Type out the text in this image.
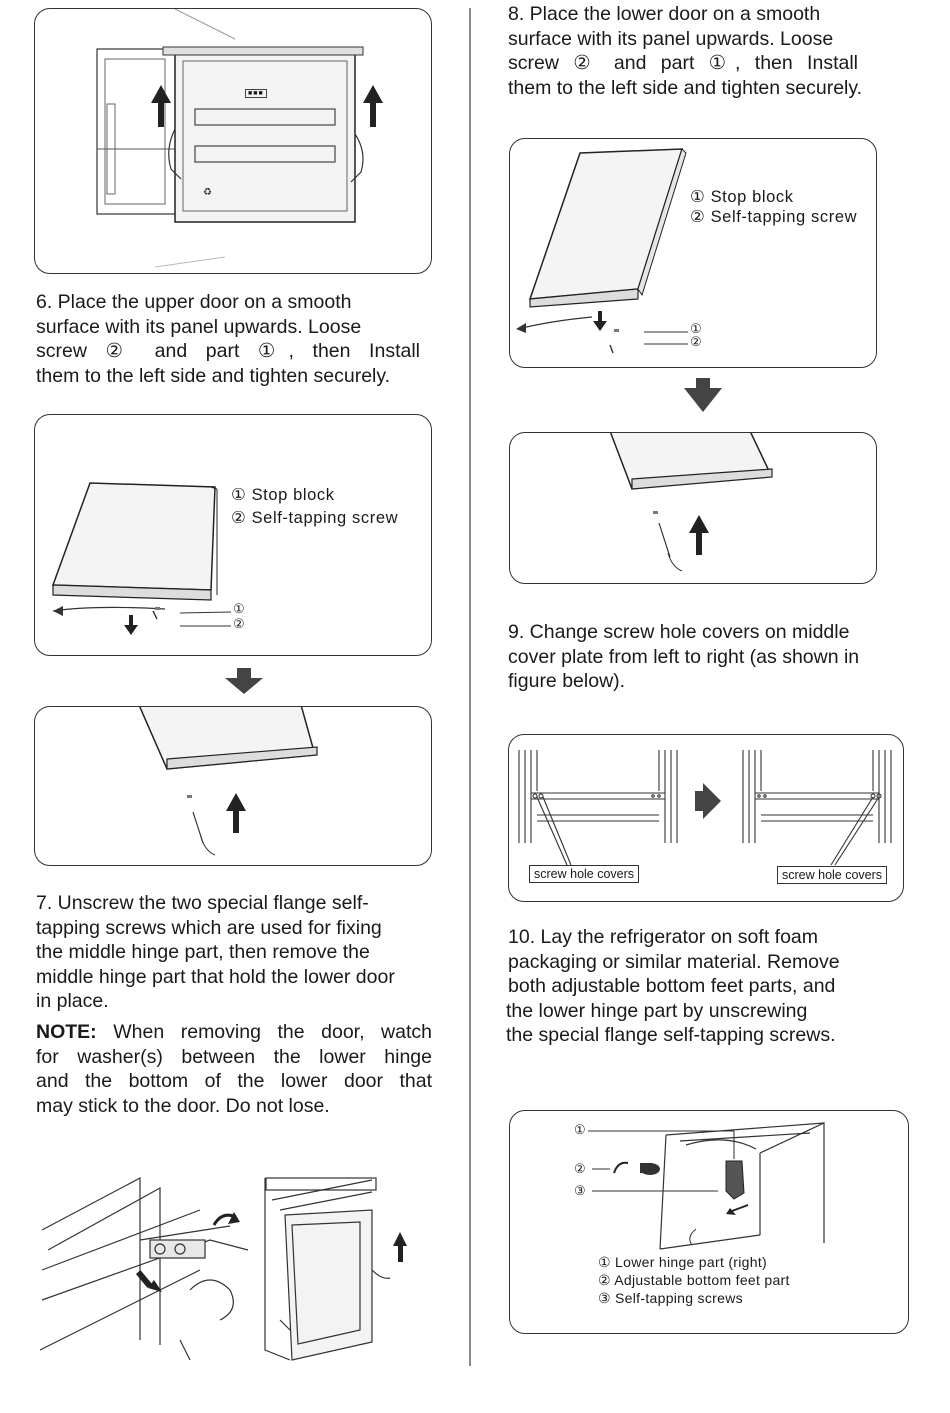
♻
■■■
6. Place the upper door on a smooth
surface with its panel upwards. Loose
screw ② and part ①, then Install
them to the left side and tighten securely.
① Stop block
② Self-tapping screw
①
②
7. Unscrew the two special flange self-
tapping screws which are used for fixing
the middle hinge part, then remove the
middle hinge part that hold the lower door
in place.
NOTE: When removing the door, watch
for washer(s) between the lower hinge
and the bottom of the lower door that
may stick to the door. Do not lose.
8. Place the lower door on a smooth
surface with its panel upwards. Loose
screw ② and part ①, then Install
them to the left side and tighten securely.
① Stop block
② Self-tapping screw
①
②
9. Change screw hole covers on middle
cover plate from left to right (as shown in
figure below).
screw hole covers	screw hole covers
10. Lay the refrigerator on soft foam
packaging or similar material. Remove
both adjustable bottom feet parts, and
the lower hinge part by unscrewing
the special flange self-tapping screws.
①
②
③
① Lower hinge part (right)
② Adjustable bottom feet part
③ Self-tapping screws
